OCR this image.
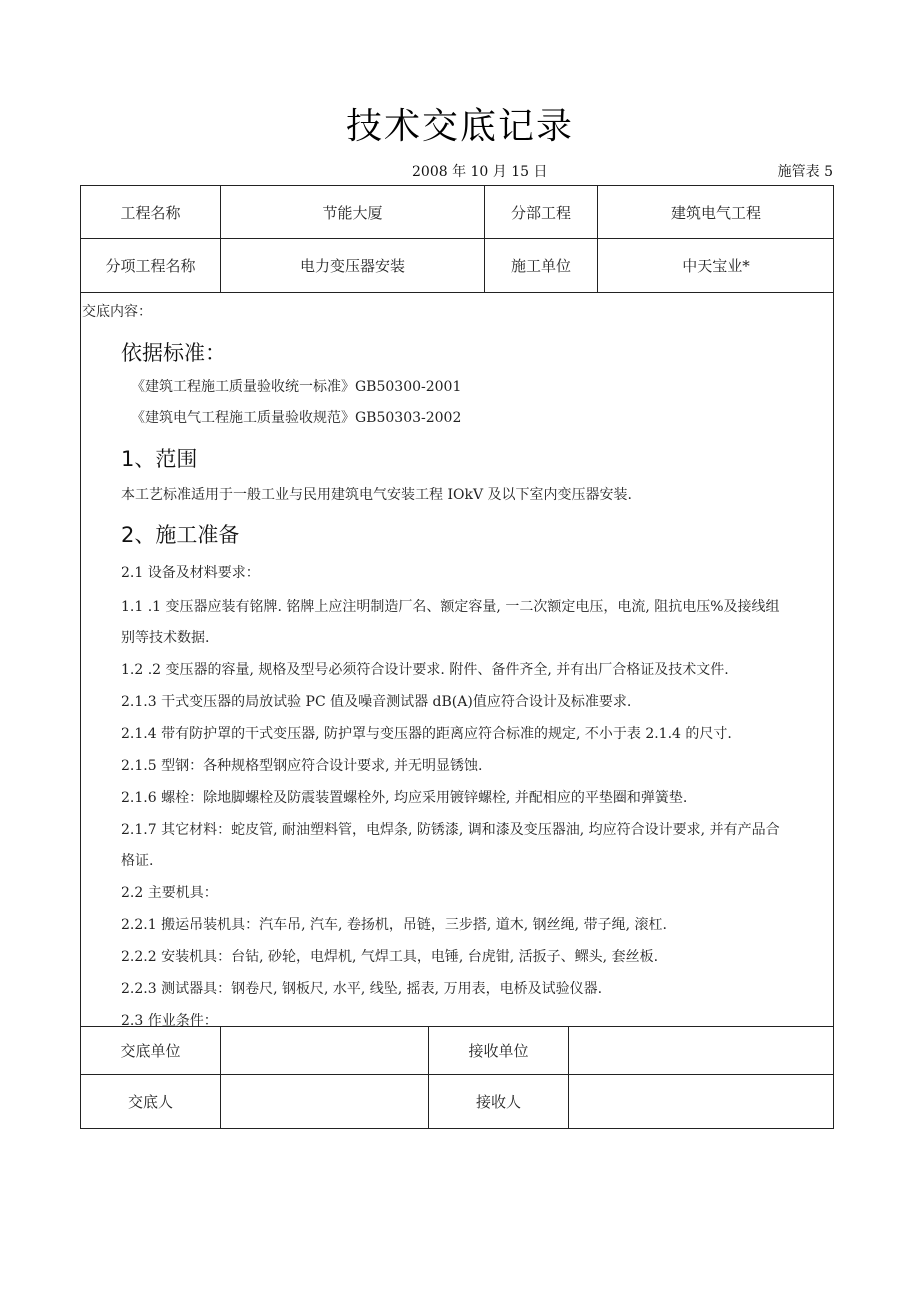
技术交底记录
2008 年 10 月 15 日	施管表 5
工程名称	节能大厦	分部工程	建筑电气工程
分项工程名称	电力变压器安装	施工单位	中天宝业*
交底内容：
依据标准：
《建筑工程施工质量验收统一标准》GB50300-2001
《建筑电气工程施工质量验收规范》GB50303-2002
1、范围
本工艺标准适用于一般工业与民用建筑电气安装工程 IOkV 及以下室内变压器安装.
2、施工准备
2.1 设备及材料要求：
1.1 .1 变压器应装有铭牌. 铭牌上应注明制造厂名、额定容量, 一二次额定电压，电流, 阻抗电压%及接线组
别等技术数据.
1.2 .2 变压器的容量, 规格及型号必须符合设计要求. 附件、备件齐全, 并有出厂合格证及技术文件.
2.1.3 干式变压器的局放试验 PC 值及噪音测试器 dB(A)值应符合设计及标准要求.
2.1.4 带有防护罩的干式变压器, 防护罩与变压器的距离应符合标准的规定, 不小于表 2.1.4 的尺寸.
2.1.5 型钢：各种规格型钢应符合设计要求, 并无明显锈蚀.
2.1.6 螺栓：除地脚螺栓及防震装置螺栓外, 均应采用镀锌螺栓, 并配相应的平垫圈和弹簧垫.
2.1.7 其它材料：蛇皮管, 耐油塑料管，电焊条, 防锈漆, 调和漆及变压器油, 均应符合设计要求, 并有产品合
格证.
2.2 主要机具：
2.2.1 搬运吊装机具：汽车吊, 汽车, 卷扬机，吊链，三步搭, 道木, 钢丝绳, 带子绳, 滚杠.
2.2.2 安装机具：台钻, 砂轮，电焊机, 气焊工具，电锤, 台虎钳, 活扳子、鳏头, 套丝板.
2.2.3 测试器具：钢卷尺, 钢板尺, 水平, 线坠, 摇表, 万用表，电桥及试验仪器.
2.3 作业条件：
交底单位	接收单位
交底人	接收人
